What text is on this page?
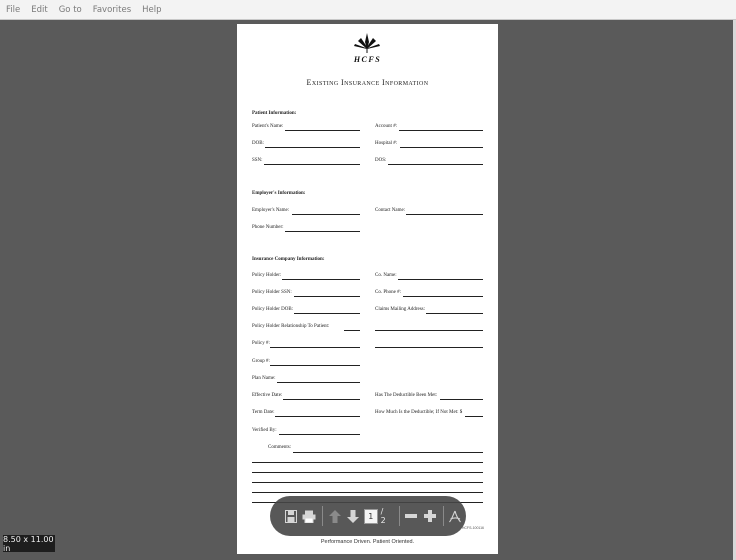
File Edit Go to Favorites Help
HCFS
Existing Insurance Information
Patient Information:
Patient's Name:	Account #:
DOB:	Hospital #:
SSN:	DOS:
Employer's Information:
Employer's Name:	Contact Name:
Phone Number:
Insurance Company Information:
Policy Holder:	Co. Name:
Policy Holder SSN:	Co. Phone #:
Policy Holder DOB:	Claims Mailing Address:
Policy Holder Relationship To Patient:
Policy #:
Group #:
Plan Name:
Effective Date:	Has The Deductible Been Met:
Term Date:	How Much Is the Deductible; If Not Met: $
Verified By:
Comments:
HCFS-100116
Performance Driven. Patient Oriented.
1 / 2
8.50 x 11.00 in
